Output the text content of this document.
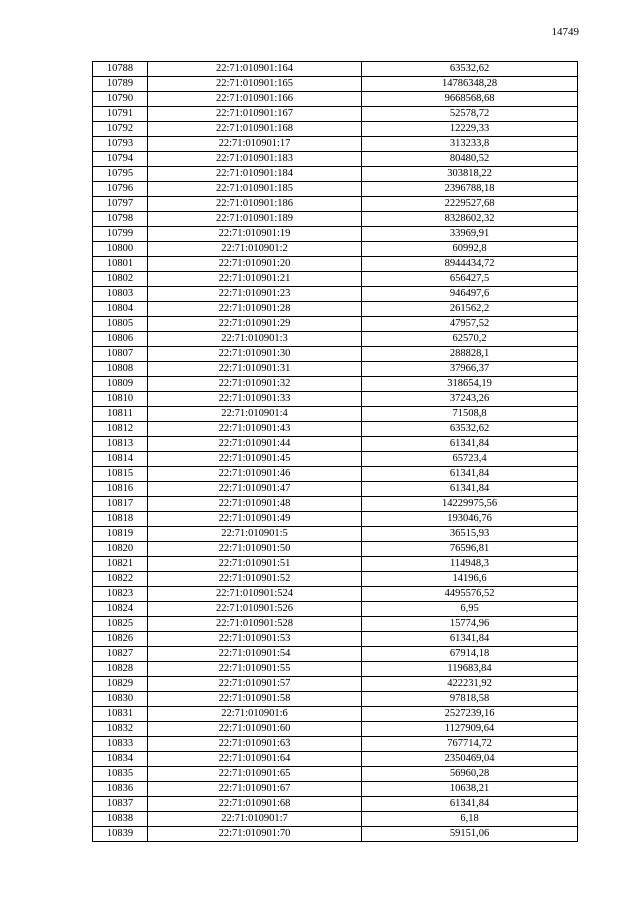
14749
10788	22:71:010901:164	63532,62
10789	22:71:010901:165	14786348,28
10790	22:71:010901:166	9668568,68
10791	22:71:010901:167	52578,72
10792	22:71:010901:168	12229,33
10793	22:71:010901:17	313233,8
10794	22:71:010901:183	80480,52
10795	22:71:010901:184	303818,22
10796	22:71:010901:185	2396788,18
10797	22:71:010901:186	2229527,68
10798	22:71:010901:189	8328602,32
10799	22:71:010901:19	33969,91
10800	22:71:010901:2	60992,8
10801	22:71:010901:20	8944434,72
10802	22:71:010901:21	656427,5
10803	22:71:010901:23	946497,6
10804	22:71:010901:28	261562,2
10805	22:71:010901:29	47957,52
10806	22:71:010901:3	62570,2
10807	22:71:010901:30	288828,1
10808	22:71:010901:31	37966,37
10809	22:71:010901:32	318654,19
10810	22:71:010901:33	37243,26
10811	22:71:010901:4	71508,8
10812	22:71:010901:43	63532,62
10813	22:71:010901:44	61341,84
10814	22:71:010901:45	65723,4
10815	22:71:010901:46	61341,84
10816	22:71:010901:47	61341,84
10817	22:71:010901:48	14229975,56
10818	22:71:010901:49	193046,76
10819	22:71:010901:5	36515,93
10820	22:71:010901:50	76596,81
10821	22:71:010901:51	114948,3
10822	22:71:010901:52	14196,6
10823	22:71:010901:524	4495576,52
10824	22:71:010901:526	6,95
10825	22:71:010901:528	15774,96
10826	22:71:010901:53	61341,84
10827	22:71:010901:54	67914,18
10828	22:71:010901:55	119683,84
10829	22:71:010901:57	422231,92
10830	22:71:010901:58	97818,58
10831	22:71:010901:6	2527239,16
10832	22:71:010901:60	1127909,64
10833	22:71:010901:63	767714,72
10834	22:71:010901:64	2350469,04
10835	22:71:010901:65	56960,28
10836	22:71:010901:67	10638,21
10837	22:71:010901:68	61341,84
10838	22:71:010901:7	6,18
10839	22:71:010901:70	59151,06
